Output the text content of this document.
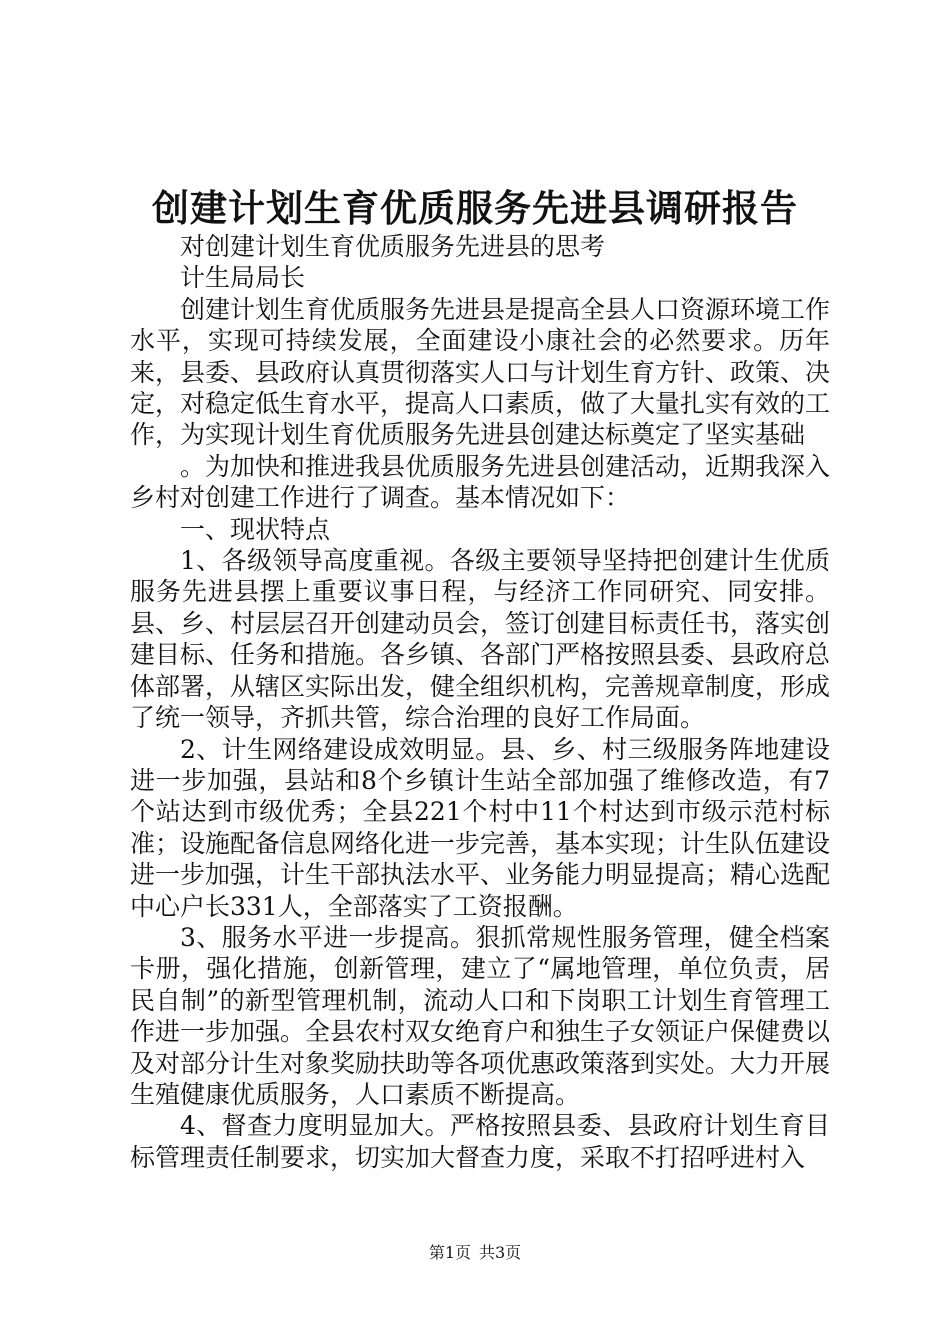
创建计划生育优质服务先进县调研报告

对创建计划生育优质服务先进县的思考

计生局局长

创建计划生育优质服务先进县是提高全县人口资源环境工作水平，实现可持续发展，全面建设小康社会的必然要求。历年来，县委、县政府认真贯彻落实人口与计划生育方针、政策、决定，对稳定低生育水平，提高人口素质，做了大量扎实有效的工作，为实现计划生育优质服务先进县创建达标奠定了坚实基础

。为加快和推进我县优质服务先进县创建活动，近期我深入乡村对创建工作进行了调查。基本情况如下：

一、现状特点

1、各级领导高度重视。各级主要领导坚持把创建计生优质服务先进县摆上重要议事日程，与经济工作同研究、同安排。县、乡、村层层召开创建动员会，签订创建目标责任书，落实创建目标、任务和措施。各乡镇、各部门严格按照县委、县政府总体部署，从辖区实际出发，健全组织机构，完善规章制度，形成了统一领导，齐抓共管，综合治理的良好工作局面。

2、计生网络建设成效明显。县、乡、村三级服务阵地建设进一步加强，县站和8个乡镇计生站全部加强了维修改造，有7个站达到市级优秀；全县221个村中11个村达到市级示范村标准；设施配备信息网络化进一步完善，基本实现；计生队伍建设进一步加强，计生干部执法水平、业务能力明显提高；精心选配中心户长331人，全部落实了工资报酬。

3、服务水平进一步提高。狠抓常规性服务管理，健全档案卡册，强化措施，创新管理，建立了“属地管理，单位负责，居民自制”的新型管理机制，流动人口和下岗职工计划生育管理工作进一步加强。全县农村双女绝育户和独生子女领证户保健费以及对部分计生对象奖励扶助等各项优惠政策落到实处。大力开展生殖健康优质服务，人口素质不断提高。

4、督查力度明显加大。严格按照县委、县政府计划生育目标管理责任制要求，切实加大督查力度，采取不打招呼进村入

第1页 共3页
